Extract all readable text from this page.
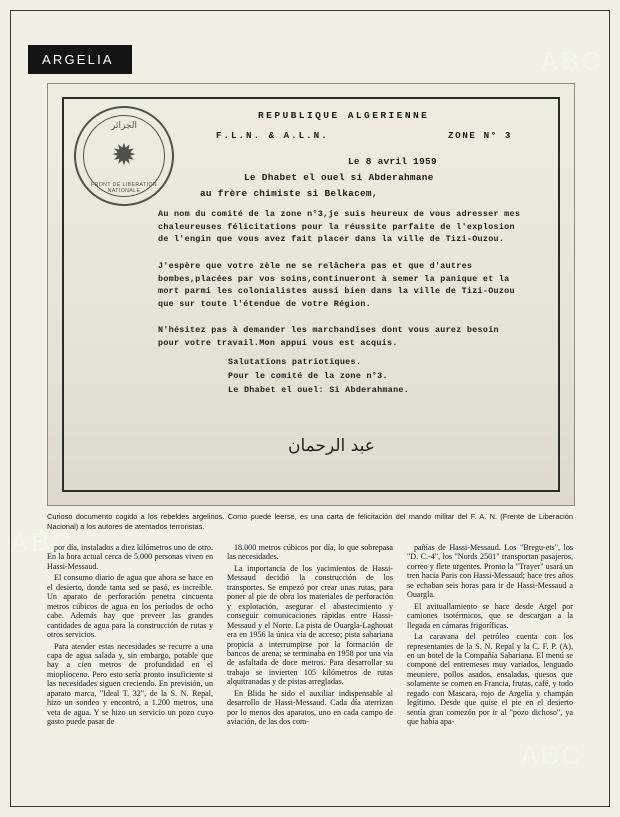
ABC
ABC
ABC
ARGELIA
الجزائر
✹
FRONT DE LIBERATION NATIONALE
REPUBLIQUE ALGERIENNE
F.L.N. & A.L.N.	ZONE N° 3
Le 8 avril 1959
Le Dhabet el ouel si Abderahmane
au frère chimiste si Belkacem,
Au nom du comité de la zone n°3,je suis heureux de vous adresser mes chaleureuses félicitations pour la réussite parfaite de l'explosion de l'engin que vous avez fait placer dans la ville de Tizi-Ouzou.
J'espère que votre zèle ne se relâchera pas et que d'autres bombes,placées par vos soins,continueront à semer la panique et la mort parmi les colonialistes aussi bien dans la ville de Tizi-Ouzou que sur toute l'étendue de votre Région.
N'hésitez pas à demander les marchandises dont vous aurez besoin pour votre travail.Mon appui vous est acquis.
Salutations patriotiques.
Pour le comité de la zone n°3.
Le Dhabet el ouel: Si Abderahmane.
عبد الرحمان
Curioso documento cogido a los rebeldes argelinos. Como puede leerse, es una carta de felicitación del mando militar del F. A. N. (Frente de Liberación Nacional) a los autores de atentados terroristas.

por día, instalados a diez kilómetros uno de otro. En la hora actual cerca de 5.000 personas viven en Hassi-Messaud.

El consumo diario de agua que ahora se hace en el desierto, donde tanta sed se pasó, es increíble. Un aparato de perforación penetra cincuenta metros cúbicos de agua en los períodos de ocho cabe. Además hay que preveer las grandes cantidades de agua para la construcción de rutas y otros servicios.

Para atender estas necesidades se recurre a una capa de agua salada y, sin embargo, potable que hay a cien metros de profundidad en el mioplioceno. Pero esto sería pronto insuficiente si las necesidades siguen creciendo. En previsión, un aparato marca, "Ideal T. 32", de la S. N. Repal, hizo un sondeo y encontró, a 1.200 metros, una veta de agua. Y se hizo un servicio un pozo cuyo gasto puede pasar de

18.000 metros cúbicos por día, lo que sobrepasa las necesidades.

La importancia de los yacimientos de Hassi-Messaud decidió la construcción de los transportes. Se empezó por crear unas rutas, para poner al pie de obra los materiales de perforación y explotación, asegurar el abastecimiento y conseguir comunicaciones rápidas entre Hassi-Messaud y el Norte. La pista de Ouargla-Laghouat era en 1956 la única vía de acceso; pista sahariana propicia a interrumpirse por la formación de bancos de arena; se terminaba en 1958 por una vía de asfaltada de doce metros. Para desarrollar su trabajo se invierten 105 kilómetros de rutas alquitranadas y de pistas arregladas.

En Blida he sido el auxiliar indispensable al desarrollo de Hassi-Messaud. Cada día aterrizan por lo menos dos aparatos, uno en cada campo de aviación, de las dos com-

pañías de Hassi-Messaud. Los "Bregu-ets", los "D. C.-4", los "Nords 2501" transportan pasajeros, correo y flete urgentes. Pronto la "Trayer" usará un tren hacia Paris con Hassi-Messaud; hace tres años se echaban seis horas para ir de Hassi-Messaud a Ouargla.

El avituallamiento se hace desde Argel por camiones isotérmicos, que se descargan a la llegada en cámaras frigoríficas.

La caravana del petróleo cuenta con los representantes de la S. N. Repal y la C. F. P. (A), en un hotel de la Compañía Sahariana. El menú se compone del entremeses muy variados, lenguado meuniere, pollos asados, ensaladas, quesos que solamente se comen en Francia, frutas, café, y todo regado con Mascara, rojo de Argelia y champán legítimo. Desde que quise el pie en el desierto sentía gran comezón por ir al "pozo dichoso", ya que había apa-
